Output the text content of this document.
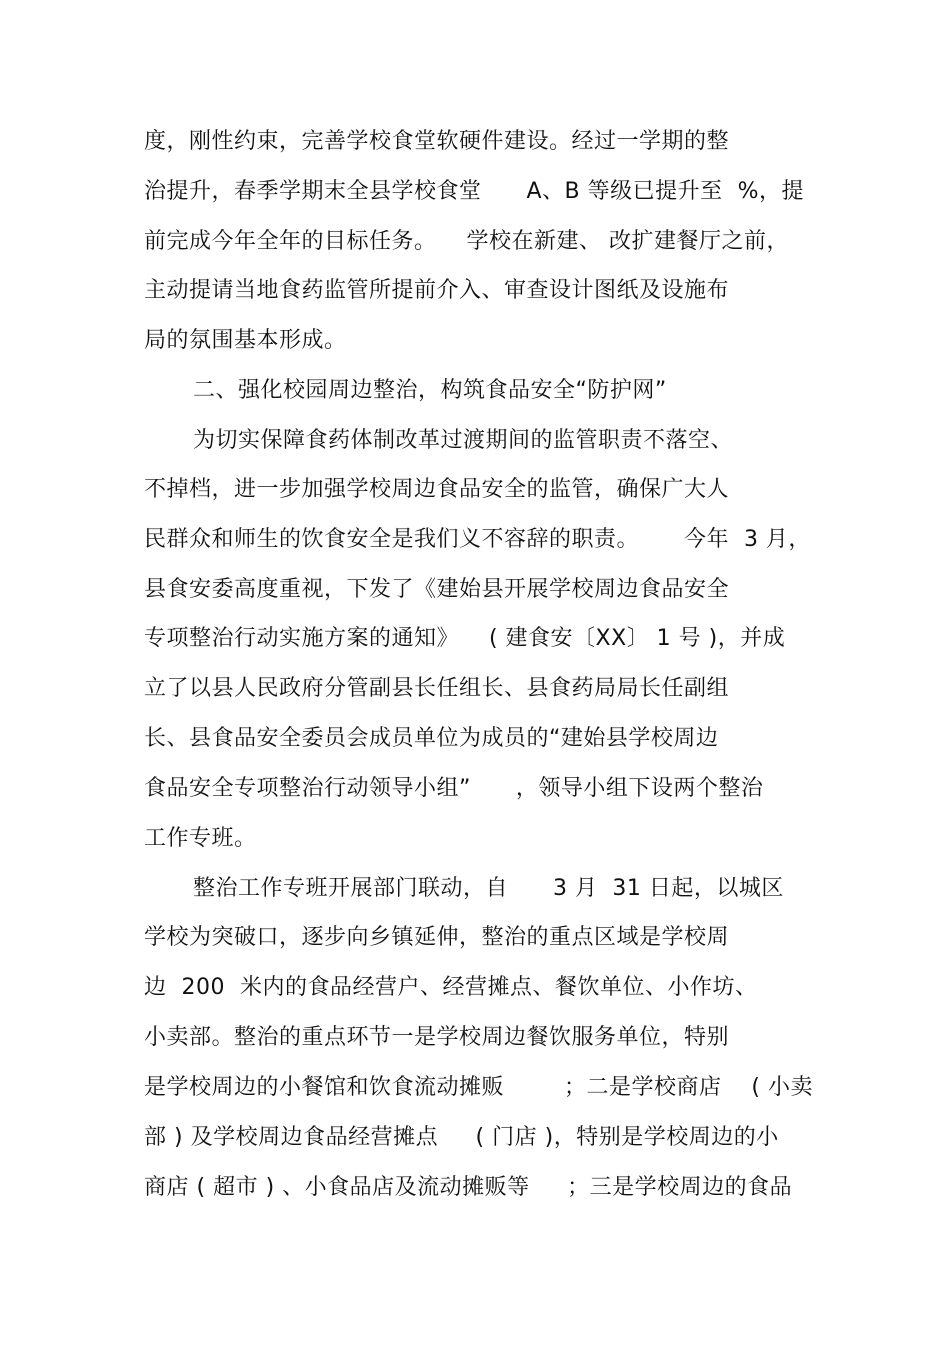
度，刚性约束，完善学校食堂软硬件建设。经过一学期的整
治提升，春季学期末全县学校食堂      A、B 等级已提升至  %，提
前完成今年全年的目标任务。    学校在新建、 改扩建餐厅之前，
主动提请当地食药监管所提前介入、审查设计图纸及设施布
局的氛围基本形成。
二、强化校园周边整治，构筑食品安全“防护网”
为切实保障食药体制改革过渡期间的监管职责不落空、
不掉档，进一步加强学校周边食品安全的监管，确保广大人
民群众和师生的饮食安全是我们义不容辞的职责。      今年  3 月，
县食安委高度重视，下发了《建始县开展学校周边食品安全
专项整治行动实施方案的通知》    ( 建食安〔XX〕 1 号 )，并成
立了以县人民政府分管副县长任组长、县食药局局长任副组
长、县食品安全委员会成员单位为成员的“建始县学校周边
食品安全专项整治行动领导小组”      ，领导小组下设两个整治
工作专班。
整治工作专班开展部门联动，自      3 月  31 日起，以城区
学校为突破口，逐步向乡镇延伸，整治的重点区域是学校周
边  200  米内的食品经营户、经营摊点、餐饮单位、小作坊、
小卖部。整治的重点环节一是学校周边餐饮服务单位，特别
是学校周边的小餐馆和饮食流动摊贩        ；二是学校商店    ( 小卖
部 ) 及学校周边食品经营摊点     ( 门店 )，特别是学校周边的小
商店 ( 超市 ) 、小食品店及流动摊贩等     ；三是学校周边的食品
